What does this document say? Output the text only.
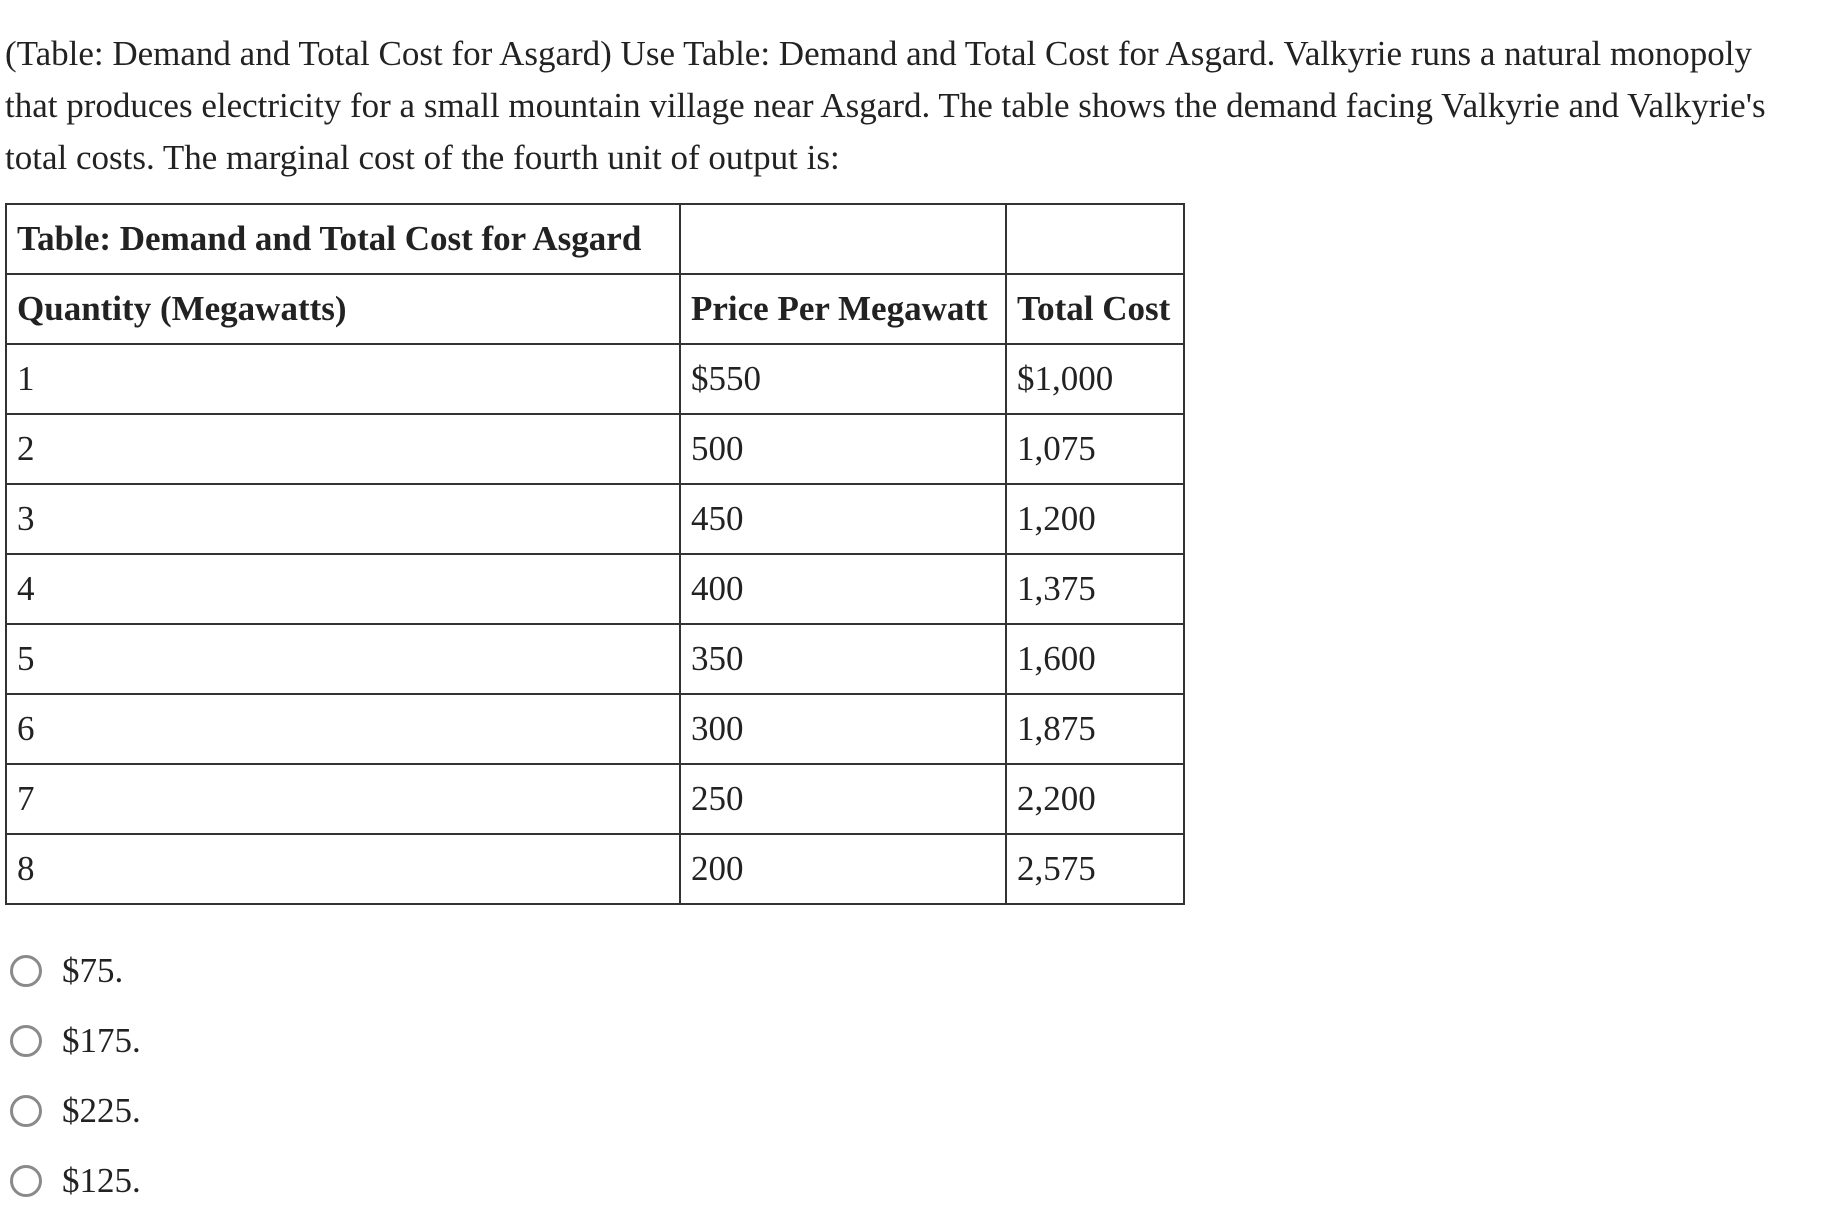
(Table: Demand and Total Cost for Asgard) Use Table: Demand and Total Cost for Asgard. Valkyrie runs a natural monopoly that produces electricity for a small mountain village near Asgard. The table shows the demand facing Valkyrie and Valkyrie's total costs. The marginal cost of the fourth unit of output is:

Table: Demand and Total Cost for Asgard		
Quantity (Megawatts)	Price Per Megawatt	Total Cost
1	$550	$1,000
2	500	1,075
3	450	1,200
4	400	1,375
5	350	1,600
6	300	1,875
7	250	2,200
8	200	2,575
$75.
$175.
$225.
$125.
